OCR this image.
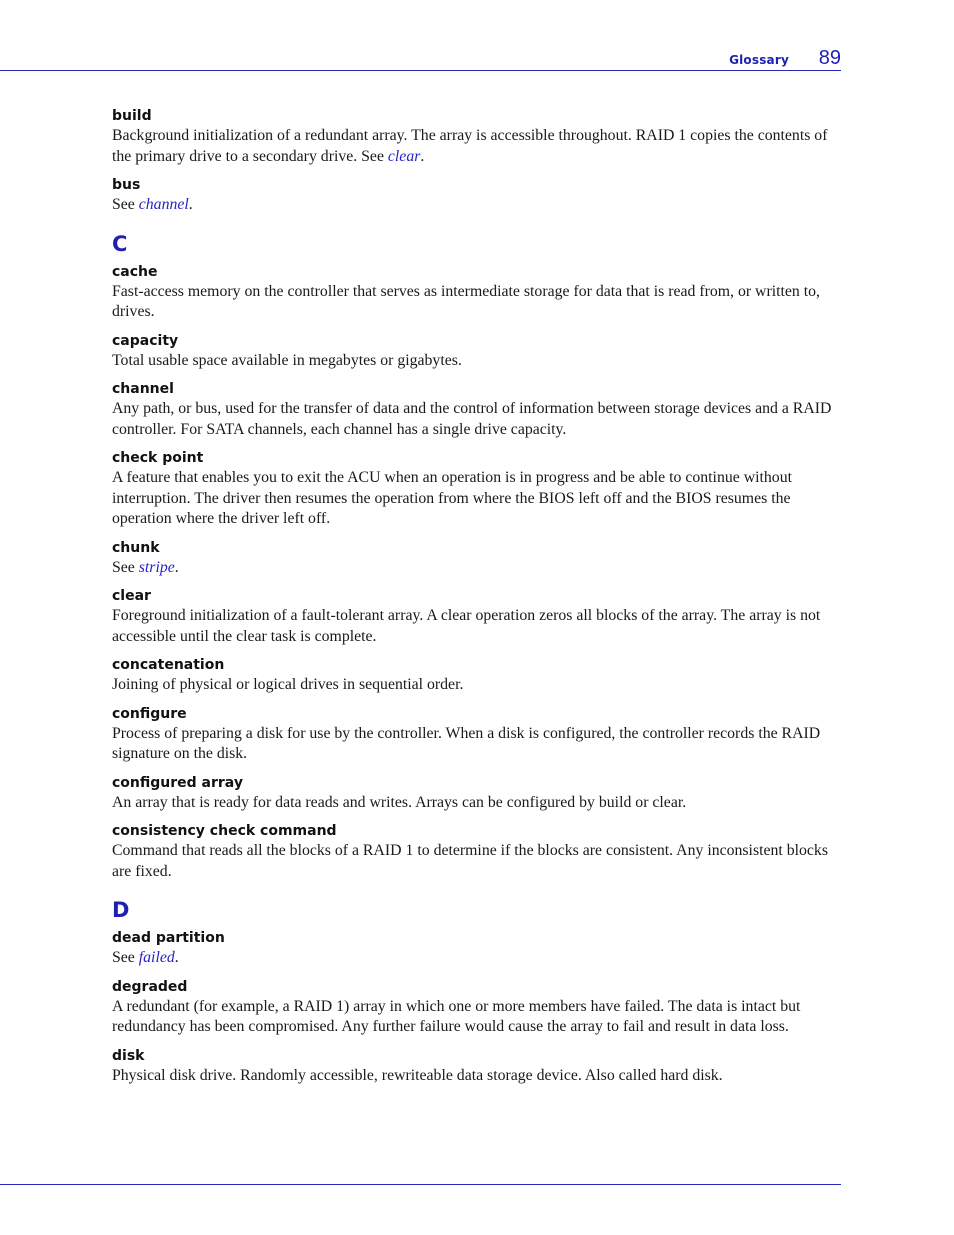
Glossary 89

build

Background initialization of a redundant array. The array is accessible throughout. RAID 1 copies the contents of the primary drive to a secondary drive. See clear.

bus

See channel.

C

cache

Fast-access memory on the controller that serves as intermediate storage for data that is read from, or written to, drives.

capacity

Total usable space available in megabytes or gigabytes.

channel

Any path, or bus, used for the transfer of data and the control of information between storage devices and a RAID controller. For SATA channels, each channel has a single drive capacity.

check point

A feature that enables you to exit the ACU when an operation is in progress and be able to continue without interruption. The driver then resumes the operation from where the BIOS left off and the BIOS resumes the operation where the driver left off.

chunk

See stripe.

clear

Foreground initialization of a fault-tolerant array. A clear operation zeros all blocks of the array. The array is not accessible until the clear task is complete.

concatenation

Joining of physical or logical drives in sequential order.

configure

Process of preparing a disk for use by the controller. When a disk is configured, the controller records the RAID signature on the disk.

configured array

An array that is ready for data reads and writes. Arrays can be configured by build or clear.

consistency check command

Command that reads all the blocks of a RAID 1 to determine if the blocks are consistent. Any inconsistent blocks are fixed.

D

dead partition

See failed.

degraded

A redundant (for example, a RAID 1) array in which one or more members have failed. The data is intact but redundancy has been compromised. Any further failure would cause the array to fail and result in data loss.

disk

Physical disk drive. Randomly accessible, rewriteable data storage device. Also called hard disk.
